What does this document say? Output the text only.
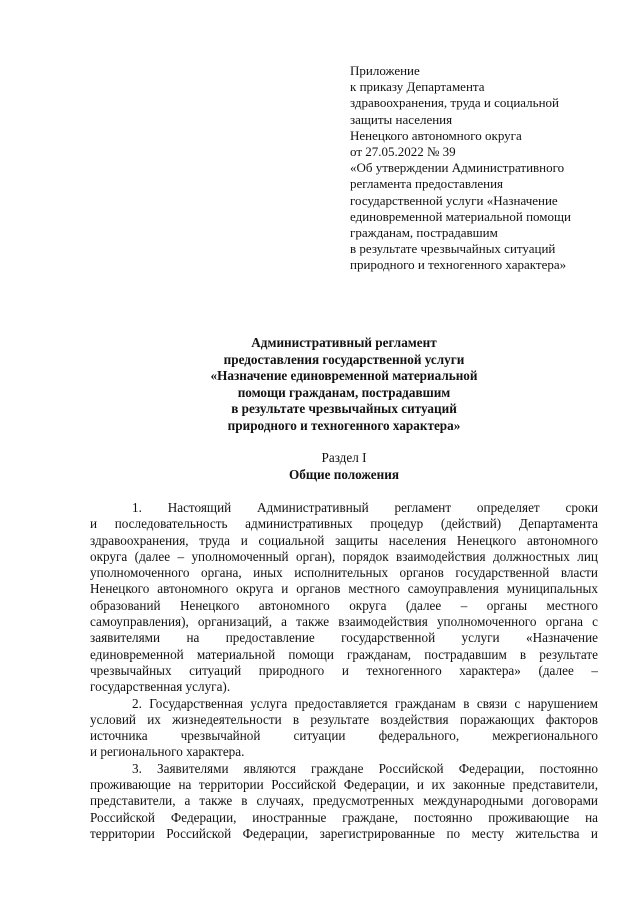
Приложение
к приказу Департамента
здравоохранения, труда и социальной
защиты населения
Ненецкого автономного округа
от 27.05.2022 № 39
«Об утверждении Административного
регламента предоставления
государственной услуги «Назначение
единовременной материальной помощи
гражданам, пострадавшим
в результате чрезвычайных ситуаций
природного и техногенного характера»
Административный регламент
предоставления государственной услуги
«Назначение единовременной материальной
помощи гражданам, пострадавшим
в результате чрезвычайных ситуаций
природного и техногенного характера»
Раздел I
Общие положения
1. Настоящий Административный регламент определяет сроки
и последовательность административных процедур (действий) Департамента
здравоохранения, труда и социальной защиты населения Ненецкого автономного
округа (далее – уполномоченный орган), порядок взаимодействия должностных лиц
уполномоченного органа, иных исполнительных органов государственной власти
Ненецкого автономного округа и органов местного самоуправления муниципальных
образований Ненецкого автономного округа (далее – органы местного
самоуправления), организаций, а также взаимодействия уполномоченного органа с
заявителями на предоставление государственной услуги «Назначение
единовременной материальной помощи гражданам, пострадавшим в результате
чрезвычайных ситуаций природного и техногенного характера» (далее –
государственная услуга).
2. Государственная услуга предоставляется гражданам в связи с нарушением
условий их жизнедеятельности в результате воздействия поражающих факторов
источника чрезвычайной ситуации федерального, межрегионального
и регионального характера.
3. Заявителями являются граждане Российской Федерации, постоянно
проживающие на территории Российской Федерации, и их законные представители,
представители, а также в случаях, предусмотренных международными договорами
Российской Федерации, иностранные граждане, постоянно проживающие на
территории Российской Федерации, зарегистрированные по месту жительства и
